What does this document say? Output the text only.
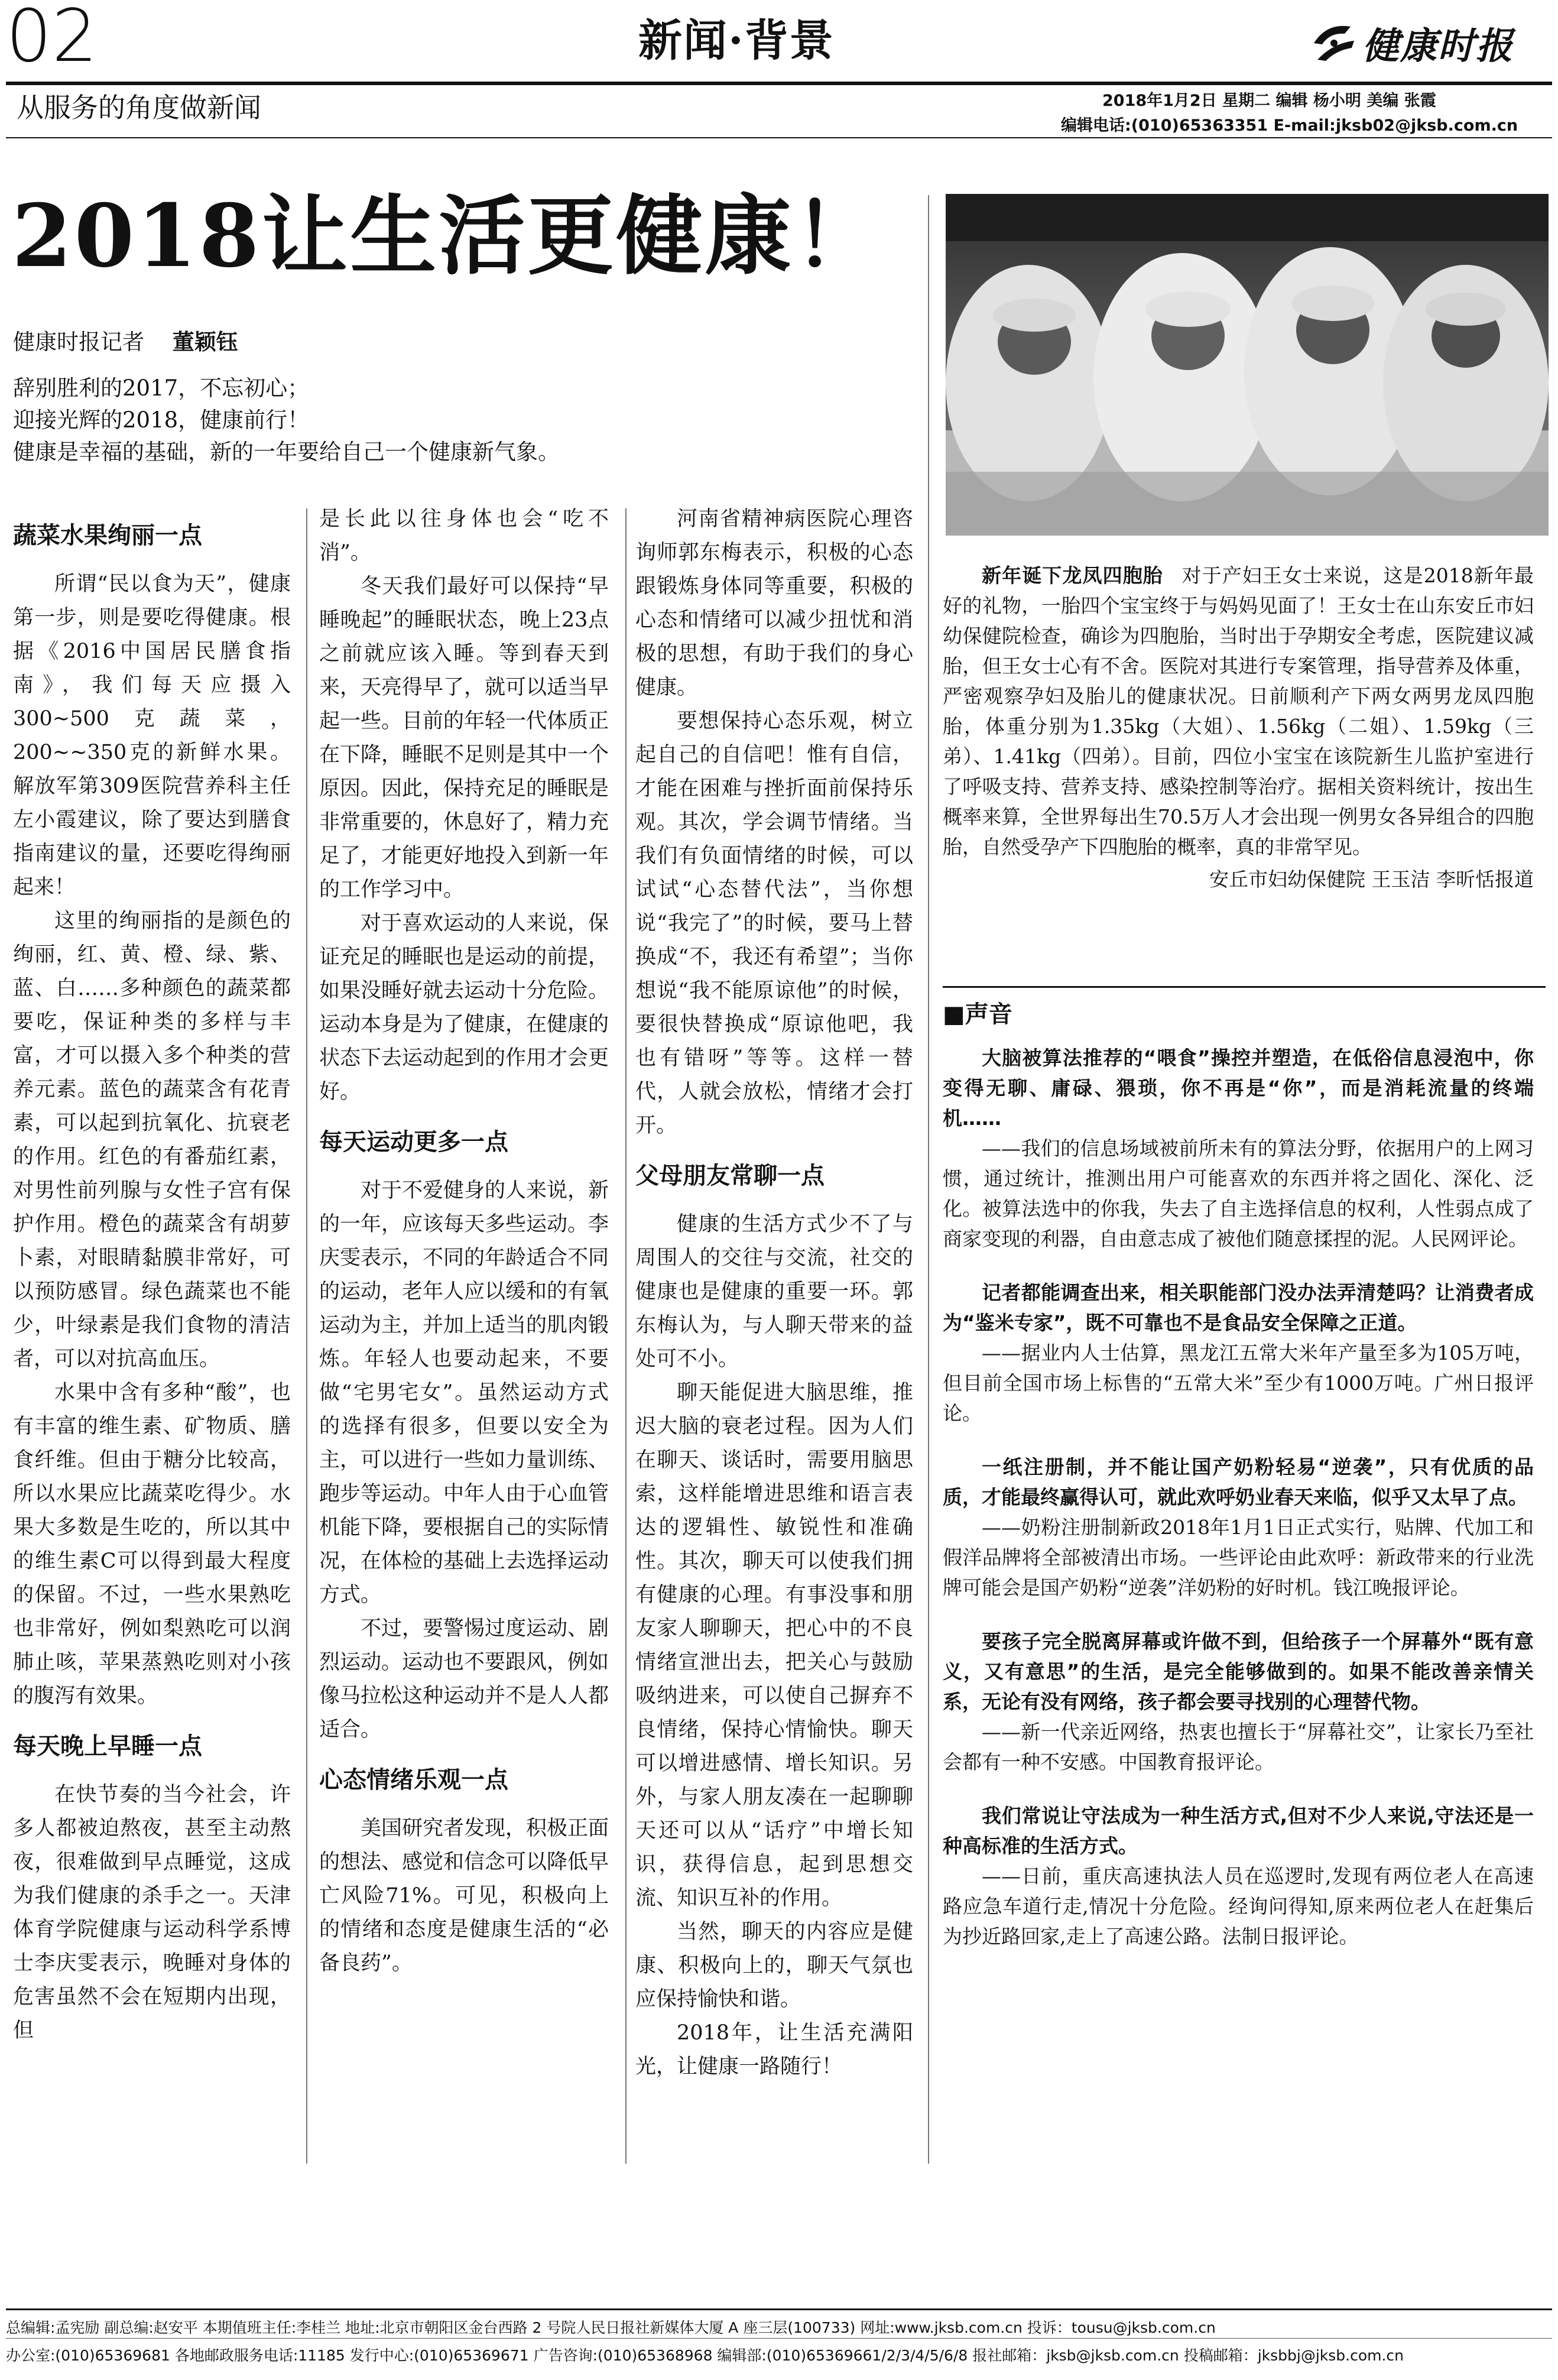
02	新闻·背景	健康时报
从服务的角度做新闻	2018年1月2日 星期二 编辑 杨小明 美编 张霞
编辑电话:(010)65363351 E-mail:jksb02@jksb.com.cn
2018让生活更健康！
健康时报记者 董颖钰
辞别胜利的2017，不忘初心；
迎接光辉的2018，健康前行！
健康是幸福的基础，新的一年要给自己一个健康新气象。
蔬菜水果绚丽一点

所谓“民以食为天”，健康第一步，则是要吃得健康。根据《2016中国居民膳食指南》，我们每天应摄入300~500克蔬菜，200~~350克的新鲜水果。解放军第309医院营养科主任左小霞建议，除了要达到膳食指南建议的量，还要吃得绚丽起来！

这里的绚丽指的是颜色的绚丽，红、黄、橙、绿、紫、蓝、白……多种颜色的蔬菜都要吃，保证种类的多样与丰富，才可以摄入多个种类的营养元素。蓝色的蔬菜含有花青素，可以起到抗氧化、抗衰老的作用。红色的有番茄红素，对男性前列腺与女性子宫有保护作用。橙色的蔬菜含有胡萝卜素，对眼睛黏膜非常好，可以预防感冒。绿色蔬菜也不能少，叶绿素是我们食物的清洁者，可以对抗高血压。

水果中含有多种“酸”，也有丰富的维生素、矿物质、膳食纤维。但由于糖分比较高，所以水果应比蔬菜吃得少。水果大多数是生吃的，所以其中的维生素C可以得到最大程度的保留。不过，一些水果熟吃也非常好，例如梨熟吃可以润肺止咳，苹果蒸熟吃则对小孩的腹泻有效果。

每天晚上早睡一点

在快节奏的当今社会，许多人都被迫熬夜，甚至主动熬夜，很难做到早点睡觉，这成为我们健康的杀手之一。天津体育学院健康与运动科学系博士李庆雯表示，晚睡对身体的危害虽然不会在短期内出现，但

是长此以往身体也会“吃不消”。

冬天我们最好可以保持“早睡晚起”的睡眠状态，晚上23点之前就应该入睡。等到春天到来，天亮得早了，就可以适当早起一些。目前的年轻一代体质正在下降，睡眠不足则是其中一个原因。因此，保持充足的睡眠是非常重要的，休息好了，精力充足了，才能更好地投入到新一年的工作学习中。

对于喜欢运动的人来说，保证充足的睡眠也是运动的前提，如果没睡好就去运动十分危险。运动本身是为了健康，在健康的状态下去运动起到的作用才会更好。

每天运动更多一点

对于不爱健身的人来说，新的一年，应该每天多些运动。李庆雯表示，不同的年龄适合不同的运动，老年人应以缓和的有氧运动为主，并加上适当的肌肉锻炼。年轻人也要动起来，不要做“宅男宅女”。虽然运动方式的选择有很多，但要以安全为主，可以进行一些如力量训练、跑步等运动。中年人由于心血管机能下降，要根据自己的实际情况，在体检的基础上去选择运动方式。

不过，要警惕过度运动、剧烈运动。运动也不要跟风，例如像马拉松这种运动并不是人人都适合。

心态情绪乐观一点

美国研究者发现，积极正面的想法、感觉和信念可以降低早亡风险71%。可见，积极向上的情绪和态度是健康生活的“必备良药”。

河南省精神病医院心理咨询师郭东梅表示，积极的心态跟锻炼身体同等重要，积极的心态和情绪可以减少扭忧和消极的思想，有助于我们的身心健康。

要想保持心态乐观，树立起自己的自信吧！惟有自信，才能在困难与挫折面前保持乐观。其次，学会调节情绪。当我们有负面情绪的时候，可以试试“心态替代法”，当你想说“我完了”的时候，要马上替换成“不，我还有希望”；当你想说“我不能原谅他”的时候，要很快替换成“原谅他吧，我也有错呀”等等。这样一替代，人就会放松，情绪才会打开。

父母朋友常聊一点

健康的生活方式少不了与周围人的交往与交流，社交的健康也是健康的重要一环。郭东梅认为，与人聊天带来的益处可不小。

聊天能促进大脑思维，推迟大脑的衰老过程。因为人们在聊天、谈话时，需要用脑思索，这样能增进思维和语言表达的逻辑性、敏锐性和准确性。其次，聊天可以使我们拥有健康的心理。有事没事和朋友家人聊聊天，把心中的不良情绪宣泄出去，把关心与鼓励吸纳进来，可以使自己摒弃不良情绪，保持心情愉快。聊天可以增进感情、增长知识。另外，与家人朋友凑在一起聊聊天还可以从“话疗”中增长知识，获得信息，起到思想交流、知识互补的作用。

当然，聊天的内容应是健康、积极向上的，聊天气氛也应保持愉快和谐。

2018年，让生活充满阳光，让健康一路随行！

新年诞下龙凤四胞胎 对于产妇王女士来说，这是2018新年最好的礼物，一胎四个宝宝终于与妈妈见面了！王女士在山东安丘市妇幼保健院检查，确诊为四胞胎，当时出于孕期安全考虑，医院建议减胎，但王女士心有不舍。医院对其进行专案管理，指导营养及体重，严密观察孕妇及胎儿的健康状况。日前顺利产下两女两男龙凤四胞胎，体重分别为1.35kg（大姐）、1.56kg（二姐）、1.59kg（三弟）、1.41kg（四弟）。目前，四位小宝宝在该院新生儿监护室进行了呼吸支持、营养支持、感染控制等治疗。据相关资料统计，按出生概率来算，全世界每出生70.5万人才会出现一例男女各异组合的四胞胎，自然受孕产下四胞胎的概率，真的非常罕见。
安丘市妇幼保健院 王玉洁 李昕恬报道
■声音

大脑被算法推荐的“喂食”操控并塑造，在低俗信息浸泡中，你变得无聊、庸碌、猥琐，你不再是“你”，而是消耗流量的终端机……

——我们的信息场域被前所未有的算法分野，依据用户的上网习惯，通过统计，推测出用户可能喜欢的东西并将之固化、深化、泛化。被算法选中的你我，失去了自主选择信息的权利，人性弱点成了商家变现的利器，自由意志成了被他们随意揉捏的泥。人民网评论。

记者都能调查出来，相关职能部门没办法弄清楚吗？让消费者成为“鉴米专家”，既不可靠也不是食品安全保障之正道。

——据业内人士估算，黑龙江五常大米年产量至多为105万吨，但目前全国市场上标售的“五常大米”至少有1000万吨。广州日报评论。

一纸注册制，并不能让国产奶粉轻易“逆袭”，只有优质的品质，才能最终赢得认可，就此欢呼奶业春天来临，似乎又太早了点。

——奶粉注册制新政2018年1月1日正式实行，贴牌、代加工和假洋品牌将全部被清出市场。一些评论由此欢呼：新政带来的行业洗牌可能会是国产奶粉“逆袭”洋奶粉的好时机。钱江晚报评论。

要孩子完全脱离屏幕或许做不到，但给孩子一个屏幕外“既有意义，又有意思”的生活，是完全能够做到的。如果不能改善亲情关系，无论有没有网络，孩子都会要寻找别的心理替代物。

——新一代亲近网络，热衷也擅长于“屏幕社交”，让家长乃至社会都有一种不安感。中国教育报评论。

我们常说让守法成为一种生活方式,但对不少人来说,守法还是一种高标准的生活方式。

——日前，重庆高速执法人员在巡逻时,发现有两位老人在高速路应急车道行走,情况十分危险。经询问得知,原来两位老人在赶集后为抄近路回家,走上了高速公路。法制日报评论。

总编辑:孟宪励 副总编:赵安平 本期值班主任:李桂兰 地址:北京市朝阳区金台西路 2 号院人民日报社新媒体大厦 A 座三层(100733) 网址:www.jksb.com.cn 投诉：tousu@jksb.com.cn
办公室:(010)65369681 各地邮政服务电话:11185 发行中心:(010)65369671 广告咨询:(010)65368968 编辑部:(010)65369661/2/3/4/5/6/8 报社邮箱：jksb@jksb.com.cn 投稿邮箱：jksbbj@jksb.com.cn
